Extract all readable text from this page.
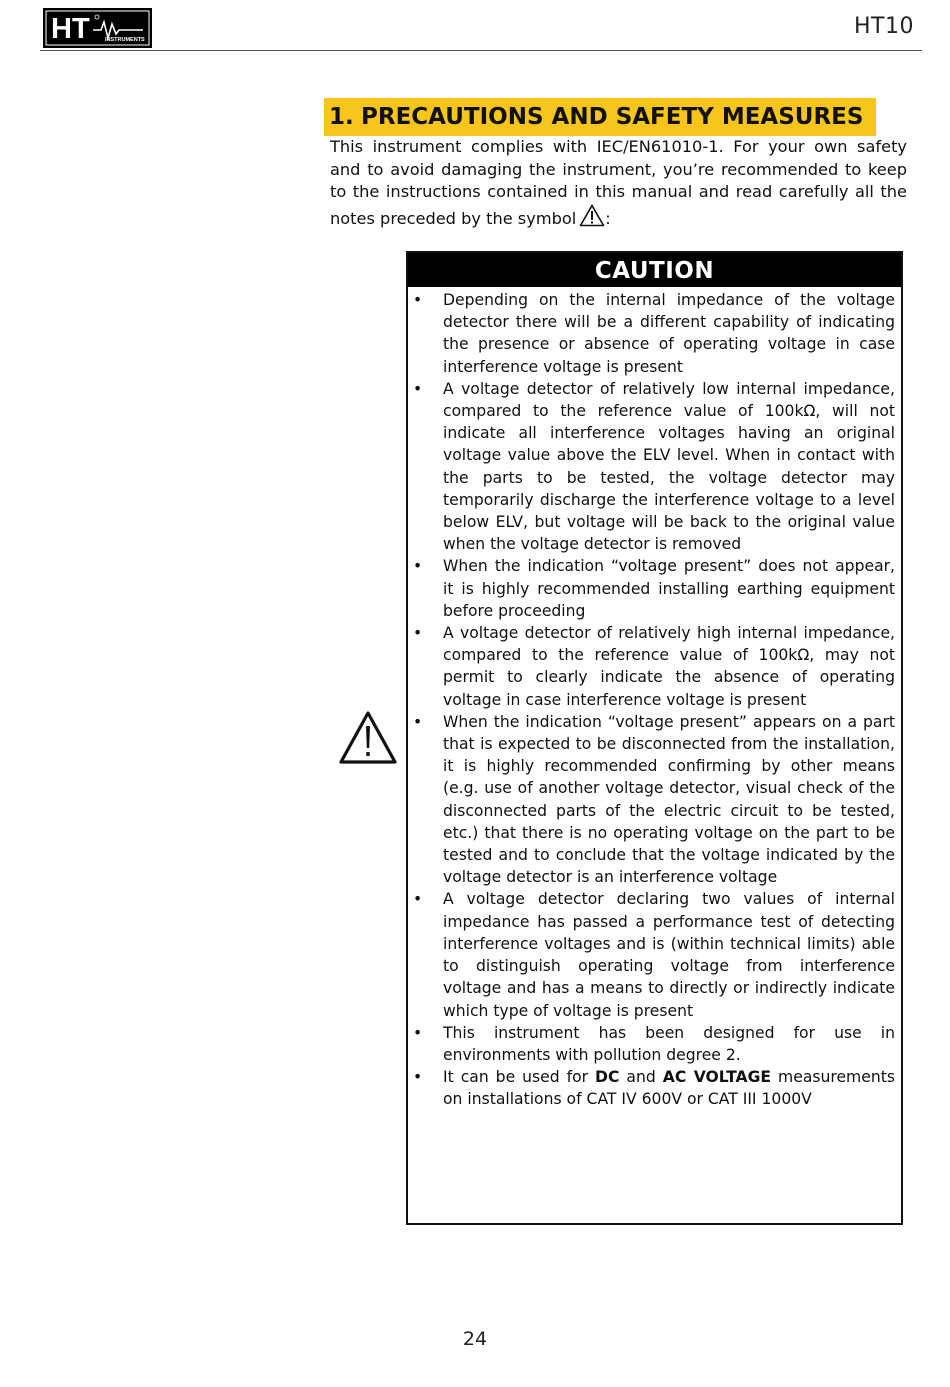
HT	INSTRUMENTS
HT10
1. PRECAUTIONS AND SAFETY MEASURES
This instrument complies with IEC/EN61010-1. For your own safety and to avoid damaging the instrument, you’re recommended to keep to the instructions contained in this manual and read carefully all the notes preceded by the symbol :
CAUTION
• Depending on the internal impedance of the voltage detector there will be a different capability of indicating the presence or absence of operating voltage in case interference voltage is present
• A voltage detector of relatively low internal impedance, compared to the reference value of 100kΩ, will not indicate all interference voltages having an original voltage value above the ELV level. When in contact with the parts to be tested, the voltage detector may temporarily discharge the interference voltage to a level below ELV, but voltage will be back to the original value when the voltage detector is removed
• When the indication “voltage present” does not appear, it is highly recommended installing earthing equipment before proceeding
• A voltage detector of relatively high internal impedance, compared to the reference value of 100kΩ, may not permit to clearly indicate the absence of operating voltage in case interference voltage is present
• When the indication “voltage present” appears on a part that is expected to be disconnected from the installation, it is highly recommended confirming by other means (e.g. use of another voltage detector, visual check of the disconnected parts of the electric circuit to be tested, etc.) that there is no operating voltage on the part to be tested and to conclude that the voltage indicated by the voltage detector is an interference voltage
• A voltage detector declaring two values of internal impedance has passed a performance test of detecting interference voltages and is (within technical limits) able to distinguish operating voltage from interference voltage and has a means to directly or indirectly indicate which type of voltage is present
• This instrument has been designed for use in environments with pollution degree 2.
• It can be used for DC and AC VOLTAGE measurements on installations of CAT IV 600V or CAT III 1000V
24
